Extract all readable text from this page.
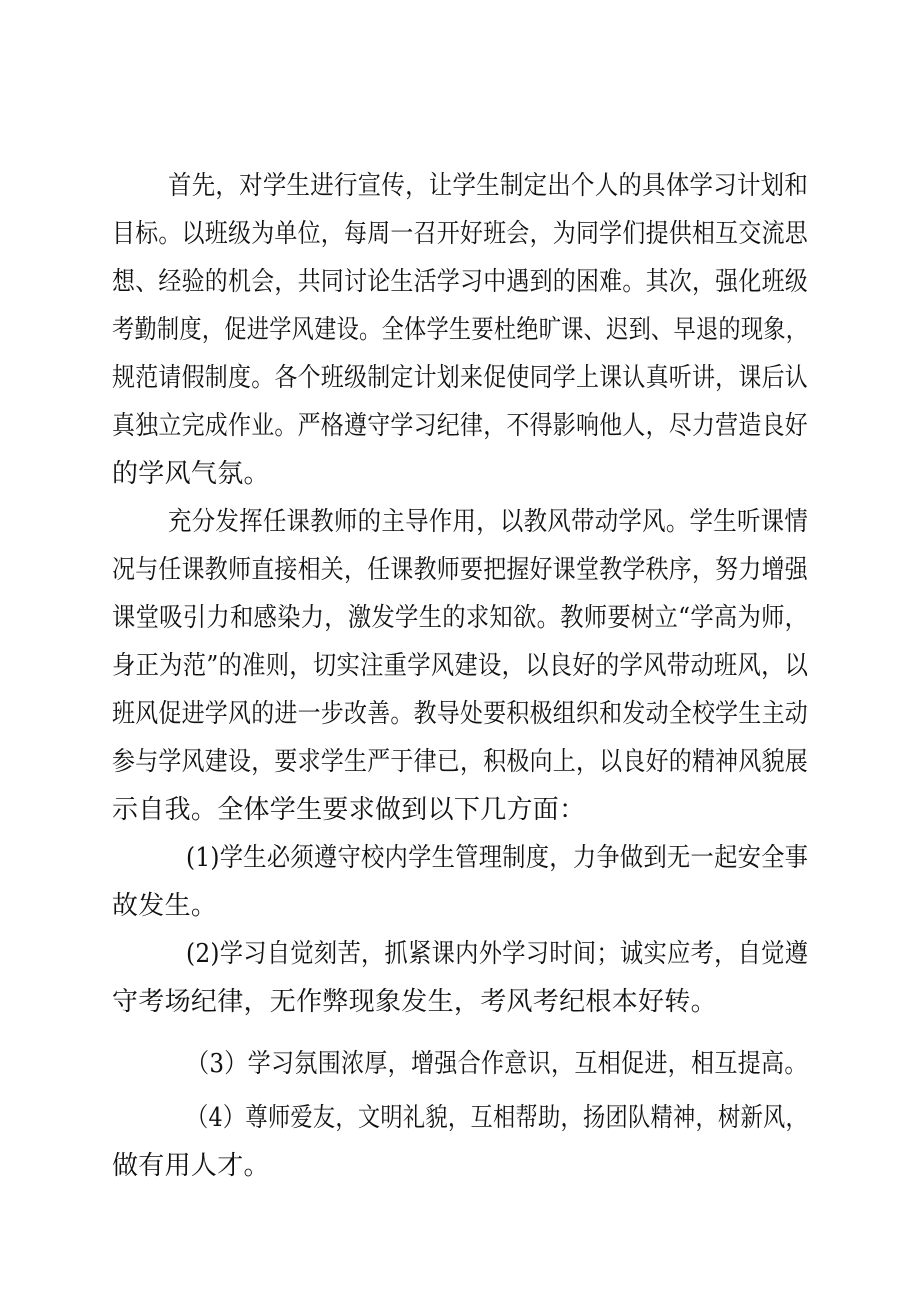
首先，对学生进行宣传，让学生制定出个人的具体学习计划和
目标。以班级为单位，每周一召开好班会，为同学们提供相互交流思
想、经验的机会，共同讨论生活学习中遇到的困难。其次，强化班级
考勤制度，促进学风建设。全体学生要杜绝旷课、迟到、早退的现象，
规范请假制度。各个班级制定计划来促使同学上课认真听讲，课后认
真独立完成作业。严格遵守学习纪律，不得影响他人，尽力营造良好
的学风气氛。
充分发挥任课教师的主导作用，以教风带动学风。学生听课情
况与任课教师直接相关，任课教师要把握好课堂教学秩序，努力增强
课堂吸引力和感染力，激发学生的求知欲。教师要树立“学高为师，
身正为范”的准则，切实注重学风建设，以良好的学风带动班风，以
班风促进学风的进一步改善。教导处要积极组织和发动全校学生主动
参与学风建设，要求学生严于律已，积极向上，以良好的精神风貌展
示自我。全体学生要求做到以下几方面：
(1)学生必须遵守校内学生管理制度，力争做到无一起安全事
故发生。
(2)学习自觉刻苦，抓紧课内外学习时间；诚实应考，自觉遵
守考场纪律，无作弊现象发生，考风考纪根本好转。
（3）学习氛围浓厚，增强合作意识，互相促进，相互提高。
（4）尊师爱友，文明礼貌，互相帮助，扬团队精神，树新风，
做有用人才。
